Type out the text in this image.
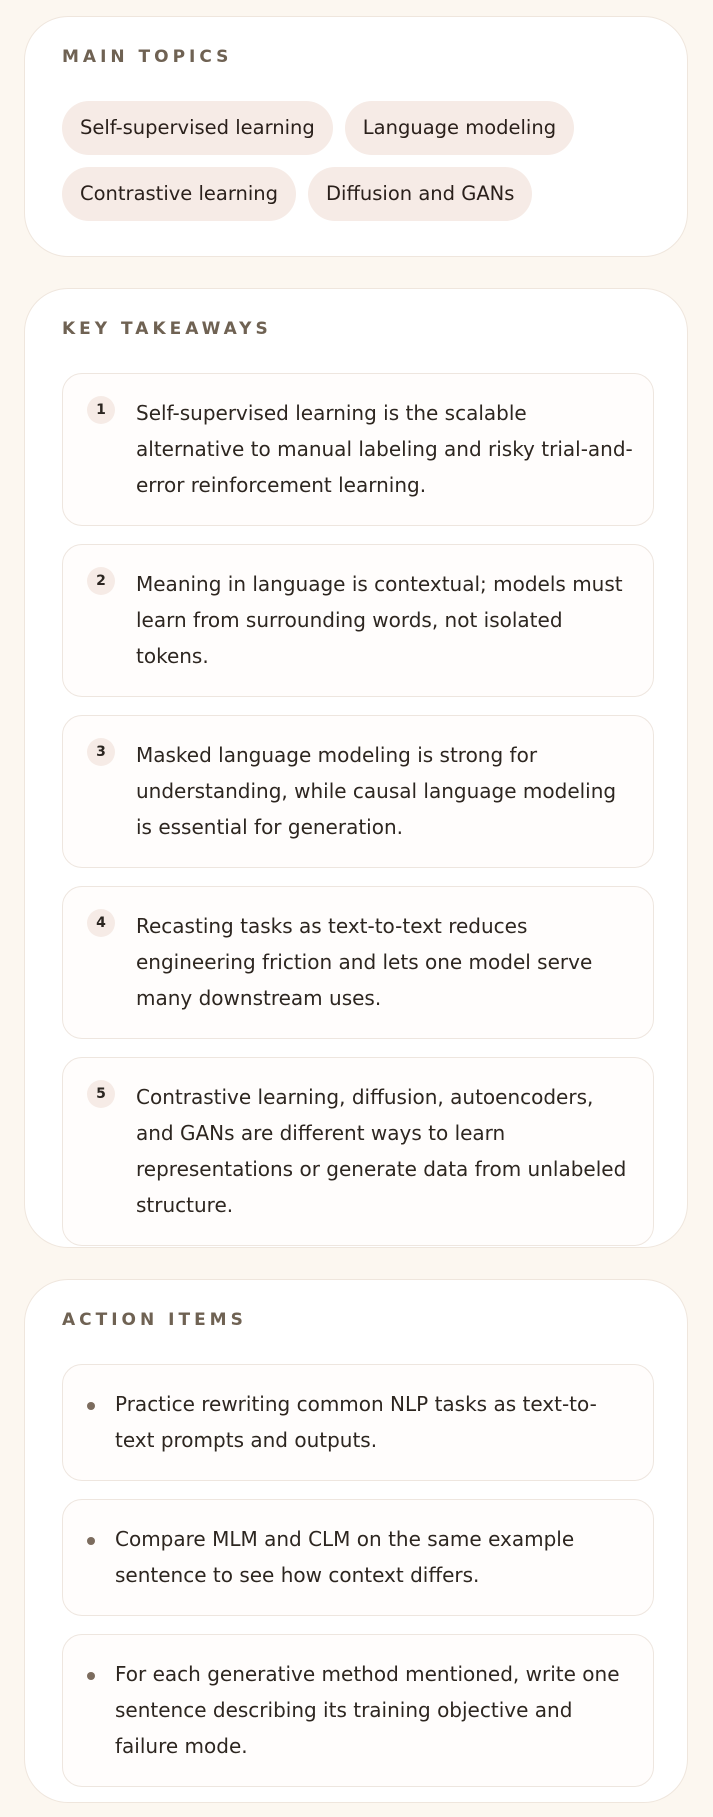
MAIN TOPICS
Self-supervised learning	Language modeling
Contrastive learning	Diffusion and GANs
KEY TAKEAWAYS
1	Self-supervised learning is the scalable alternative to manual labeling and risky trial-and-error reinforcement learning.
2	Meaning in language is contextual; models must learn from surrounding words, not isolated tokens.
3	Masked language modeling is strong for understanding, while causal language modeling is essential for generation.
4	Recasting tasks as text-to-text reduces engineering friction and lets one model serve many downstream uses.
5	Contrastive learning, diffusion, autoencoders, and GANs are different ways to learn representations or generate data from unlabeled structure.
ACTION ITEMS
Practice rewriting common NLP tasks as text-to-text prompts and outputs.
Compare MLM and CLM on the same example sentence to see how context differs.
For each generative method mentioned, write one sentence describing its training objective and failure mode.
